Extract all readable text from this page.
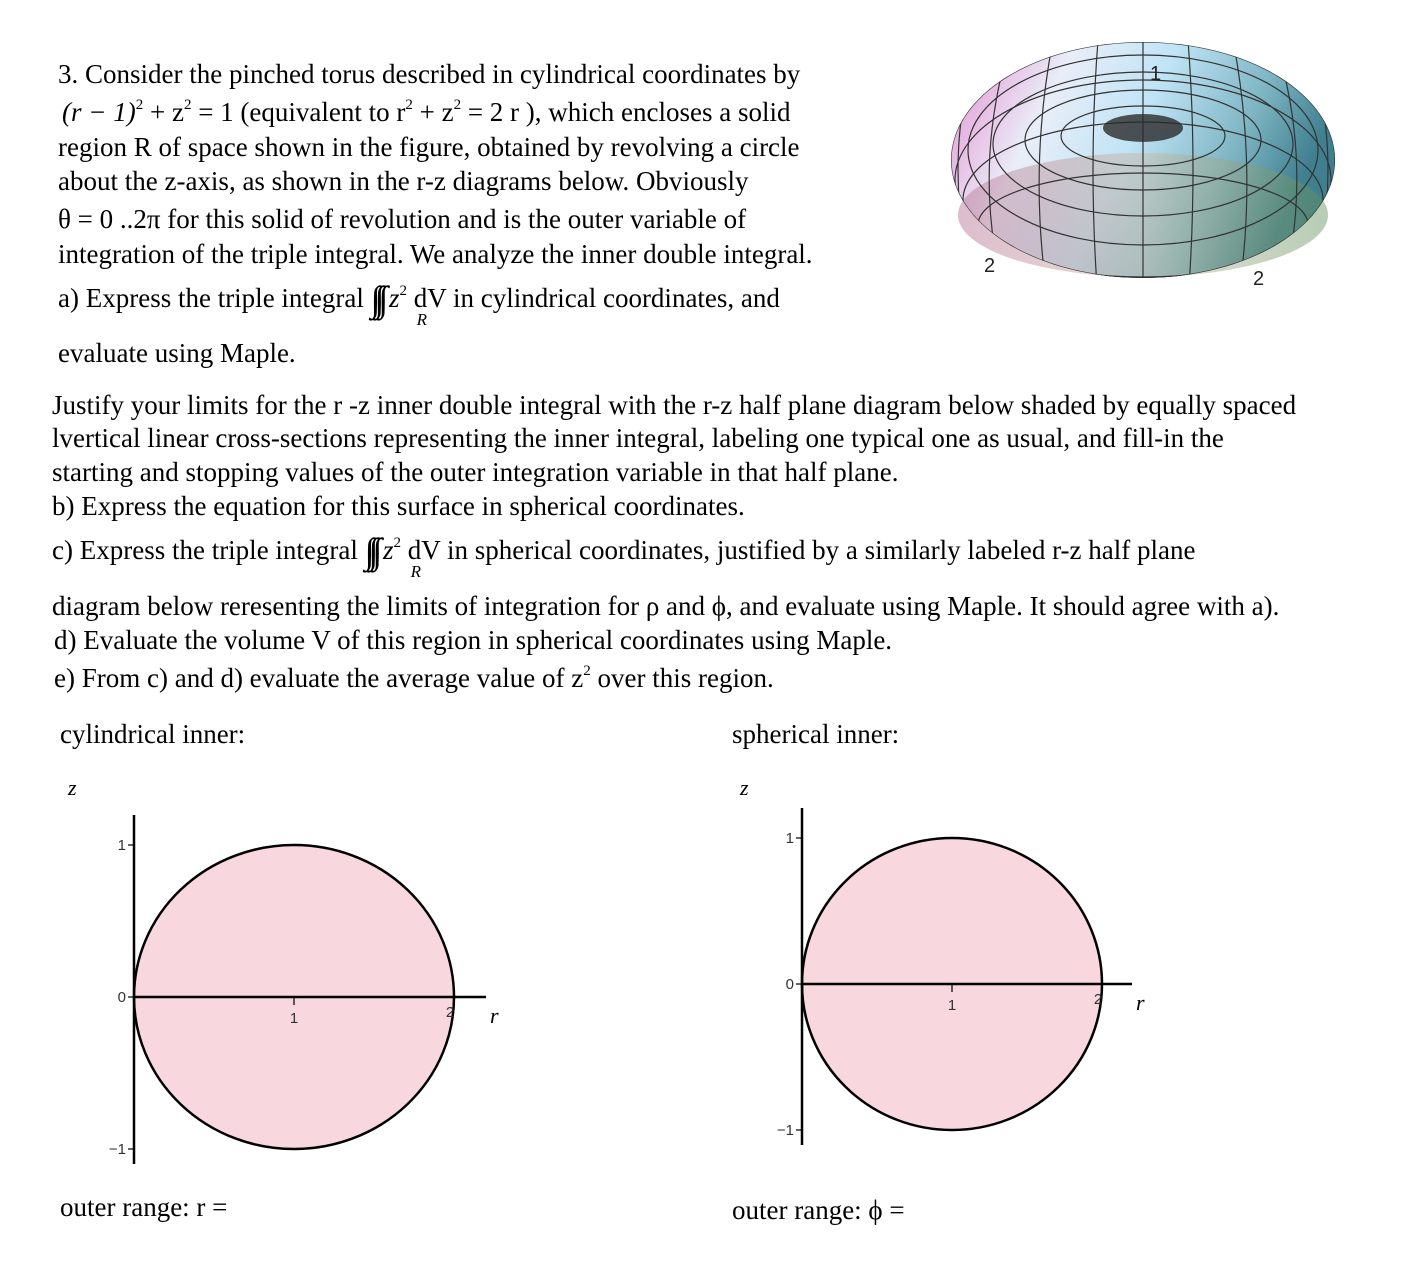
3. Consider the pinched torus described in cylindrical coordinates by
$(r - 1)^2 + z^2 = 1$ (equivalent to $r^2 + z^2 = 2$ r ), which encloses a solid
region R of space shown in the figure, obtained by revolving a circle
about the z-axis, as shown in the r-z diagrams below. Obviously
θ = 0 ..2π for this solid of revolution and is the outer variable of
integration of the triple integral. We analyze the inner double integral.
a) Express the triple integral ∫∫∫
R
$z^2$ dV in cylindrical coordinates, and
evaluate using Maple.
Justify your limits for the r -z inner double integral with the r-z half plane diagram below shaded by equally spaced
lvertical linear cross-sections representing the inner integral, labeling one typical one as usual, and fill-in the
starting and stopping values of the outer integration variable in that half plane.
b) Express the equation for this surface in spherical coordinates.
c) Express the triple integral ∫∫∫
R
$z^2$ dV in spherical coordinates, justified by a similarly labeled r-z half plane
diagram below reresenting the limits of integration for ρ and ϕ, and evaluate using Maple. It should agree with a).
d) Evaluate the volume V of this region in spherical coordinates using Maple.
e) From c) and d) evaluate the average value of $z^2$ over this region.
1
2
2
cylindrical inner:
z
r
1
0
−1
1	2
outer range: r =
spherical inner:
z
r
1
0
−1
1	2
outer range: ϕ =
